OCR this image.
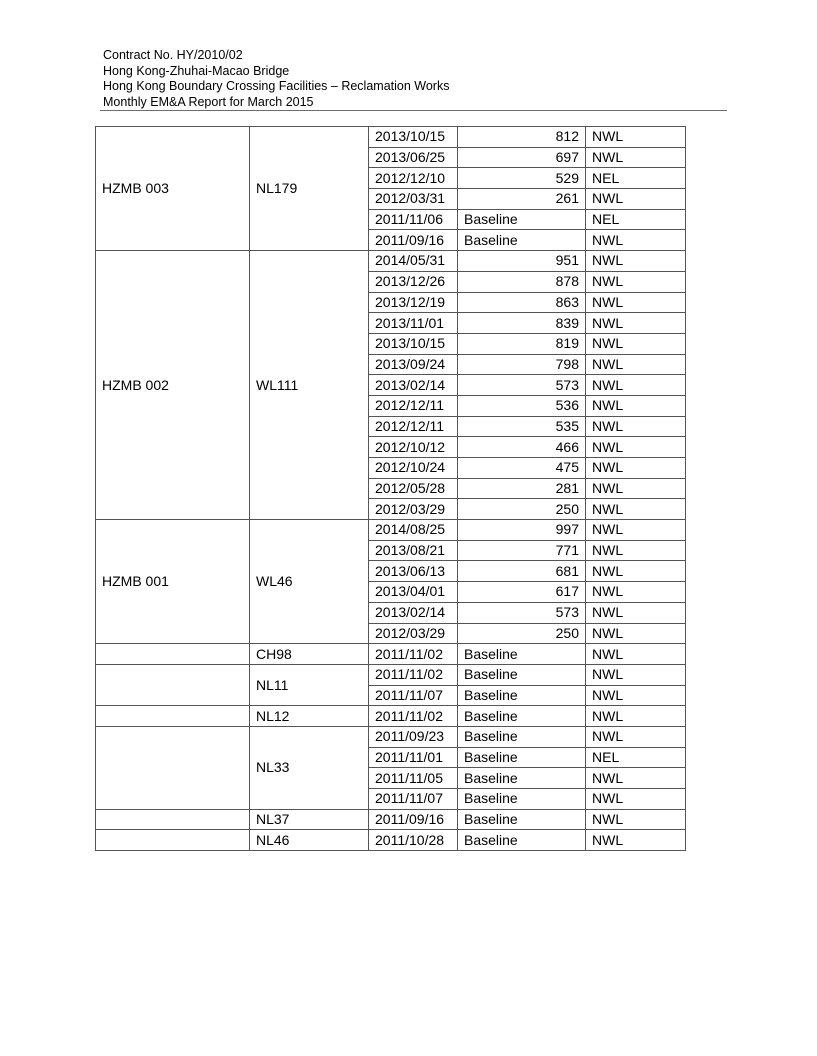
Contract No. HY/2010/02
Hong Kong-Zhuhai-Macao Bridge
Hong Kong Boundary Crossing Facilities – Reclamation Works
Monthly EM&A Report for March 2015
HZMB 003	NL179	2013/10/15	812	NWL
		2013/06/25	697	NWL
		2012/12/10	529	NEL
		2012/03/31	261	NWL
		2011/11/06	Baseline	NEL
		2011/09/16	Baseline	NWL
HZMB 002	WL111	2014/05/31	951	NWL
		2013/12/26	878	NWL
		2013/12/19	863	NWL
		2013/11/01	839	NWL
		2013/10/15	819	NWL
		2013/09/24	798	NWL
		2013/02/14	573	NWL
		2012/12/11	536	NWL
		2012/12/11	535	NWL
		2012/10/12	466	NWL
		2012/10/24	475	NWL
		2012/05/28	281	NWL
		2012/03/29	250	NWL
HZMB 001	WL46	2014/08/25	997	NWL
		2013/08/21	771	NWL
		2013/06/13	681	NWL
		2013/04/01	617	NWL
		2013/02/14	573	NWL
		2012/03/29	250	NWL
	CH98	2011/11/02	Baseline	NWL
	NL11	2011/11/02	Baseline	NWL
		2011/11/07	Baseline	NWL
	NL12	2011/11/02	Baseline	NWL
	NL33	2011/09/23	Baseline	NWL
		2011/11/01	Baseline	NEL
		2011/11/05	Baseline	NWL
		2011/11/07	Baseline	NWL
	NL37	2011/09/16	Baseline	NWL
	NL46	2011/10/28	Baseline	NWL
